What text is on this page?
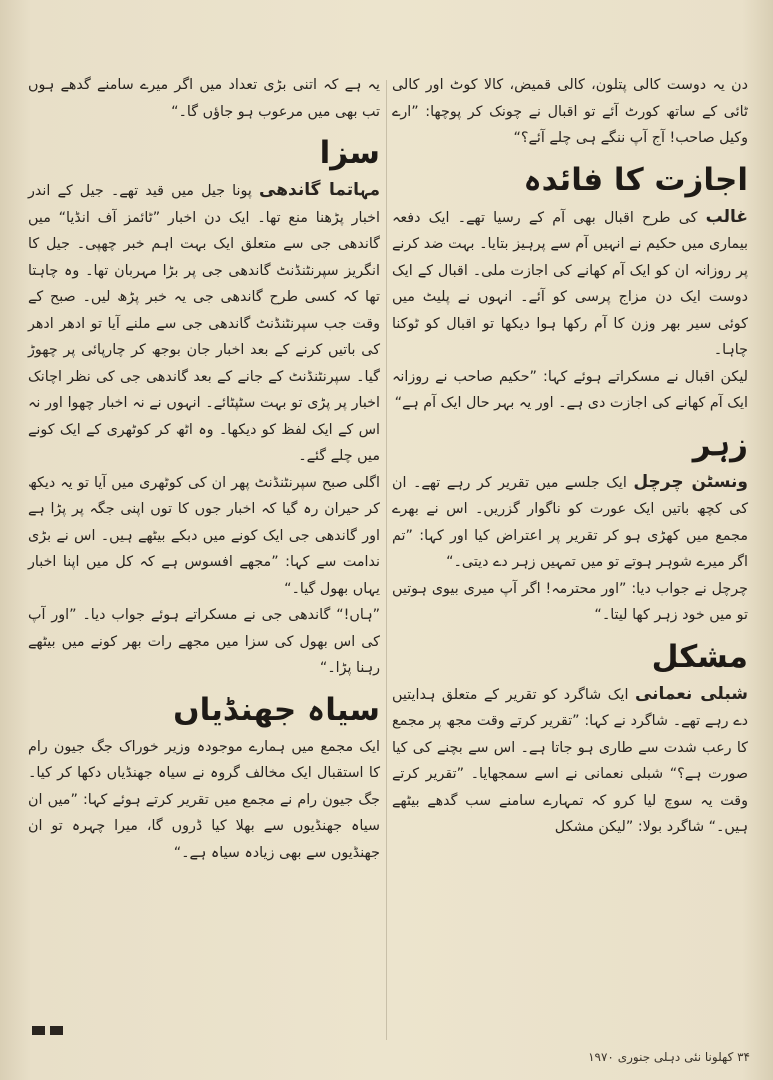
دن یہ دوست کالی پتلون، کالی قمیض، کالا کوٹ اور کالی ٹائی کے ساتھ کورٹ آئے تو اقبال نے چونک کر پوچھا: ”ارے وکیل صاحب! آج آپ ننگے ہی چلے آئے؟“

اجازت کا فائدہ

غالب کی طرح اقبال بھی آم کے رسیا تھے۔ ایک دفعہ بیماری میں حکیم نے انہیں آم سے پرہیز بتایا۔ بہت ضد کرنے پر روزانہ ان کو ایک آم کھانے کی اجازت ملی۔ اقبال کے ایک دوست ایک دن مزاج پرسی کو آئے۔ انہوں نے پلیٹ میں کوئی سیر بھر وزن کا آم رکھا ہوا دیکھا تو اقبال کو ٹوکنا چاہا۔

لیکن اقبال نے مسکراتے ہوئے کہا: ”حکیم صاحب نے روزانہ ایک آم کھانے کی اجازت دی ہے۔ اور یہ بہر حال ایک آم ہے“

زہر

ونسٹن چرچل ایک جلسے میں تقریر کر رہے تھے۔ ان کی کچھ باتیں ایک عورت کو ناگوار گزریں۔ اس نے بھرے مجمع میں کھڑی ہو کر تقریر پر اعتراض کیا اور کہا: ”تم اگر میرے شوہر ہوتے تو میں تمہیں زہر دے دیتی۔“

چرچل نے جواب دیا: ”اور محترمہ! اگر آپ میری بیوی ہوتیں تو میں خود زہر کھا لیتا۔“

مشکل

شبلی نعمانی ایک شاگرد کو تقریر کے متعلق ہدایتیں دے رہے تھے۔ شاگرد نے کہا: ”تقریر کرتے وقت مجھ پر مجمع کا رعب شدت سے طاری ہو جاتا ہے۔ اس سے بچنے کی کیا صورت ہے؟“ شبلی نعمانی نے اسے سمجھایا۔ ”تقریر کرتے وقت یہ سوچ لیا کرو کہ تمہارے سامنے سب گدھے بیٹھے ہیں۔“ شاگرد بولا: ”لیکن مشکل

یہ ہے کہ اتنی بڑی تعداد میں اگر میرے سامنے گدھے ہوں تب بھی میں مرعوب ہو جاؤں گا۔“

سزا

مہاتما گاندھی پونا جیل میں قید تھے۔ جیل کے اندر اخبار پڑھنا منع تھا۔ ایک دن اخبار ”ٹائمز آف انڈیا“ میں گاندھی جی سے متعلق ایک بہت اہم خبر چھپی۔ جیل کا انگریز سپرنٹنڈنٹ گاندھی جی پر بڑا مہربان تھا۔ وہ چاہتا تھا کہ کسی طرح گاندھی جی یہ خبر پڑھ لیں۔ صبح کے وقت جب سپرنٹنڈنٹ گاندھی جی سے ملنے آیا تو ادھر ادھر کی باتیں کرنے کے بعد اخبار جان بوجھ کر چارپائی پر چھوڑ گیا۔ سپرنٹنڈنٹ کے جانے کے بعد گاندھی جی کی نظر اچانک اخبار پر پڑی تو بہت سٹپٹائے۔ انہوں نے نہ اخبار چھوا اور نہ اس کے ایک لفظ کو دیکھا۔ وہ اٹھ کر کوٹھری کے ایک کونے میں چلے گئے۔

اگلی صبح سپرنٹنڈنٹ پھر ان کی کوٹھری میں آیا تو یہ دیکھ کر حیران رہ گیا کہ اخبار جوں کا توں اپنی جگہ پر پڑا ہے اور گاندھی جی ایک کونے میں دبکے بیٹھے ہیں۔ اس نے بڑی ندامت سے کہا: ”مجھے افسوس ہے کہ کل میں اپنا اخبار یہاں بھول گیا۔“

”ہاں!“ گاندھی جی نے مسکراتے ہوئے جواب دیا۔ ”اور آپ کی اس بھول کی سزا میں مجھے رات بھر کونے میں بیٹھے رہنا پڑا۔“

سیاہ جھنڈیاں

ایک مجمع میں ہمارے موجودہ وزیر خوراک جگ جیون رام کا استقبال ایک مخالف گروہ نے سیاہ جھنڈیاں دکھا کر کیا۔ جگ جیون رام نے مجمع میں تقریر کرتے ہوئے کہا: ”میں ان سیاہ جھنڈیوں سے بھلا کیا ڈروں گا، میرا چہرہ تو ان جھنڈیوں سے بھی زیادہ سیاہ ہے۔“

۳۴ کھلونا نئی دہلی جنوری ۱۹۷۰
